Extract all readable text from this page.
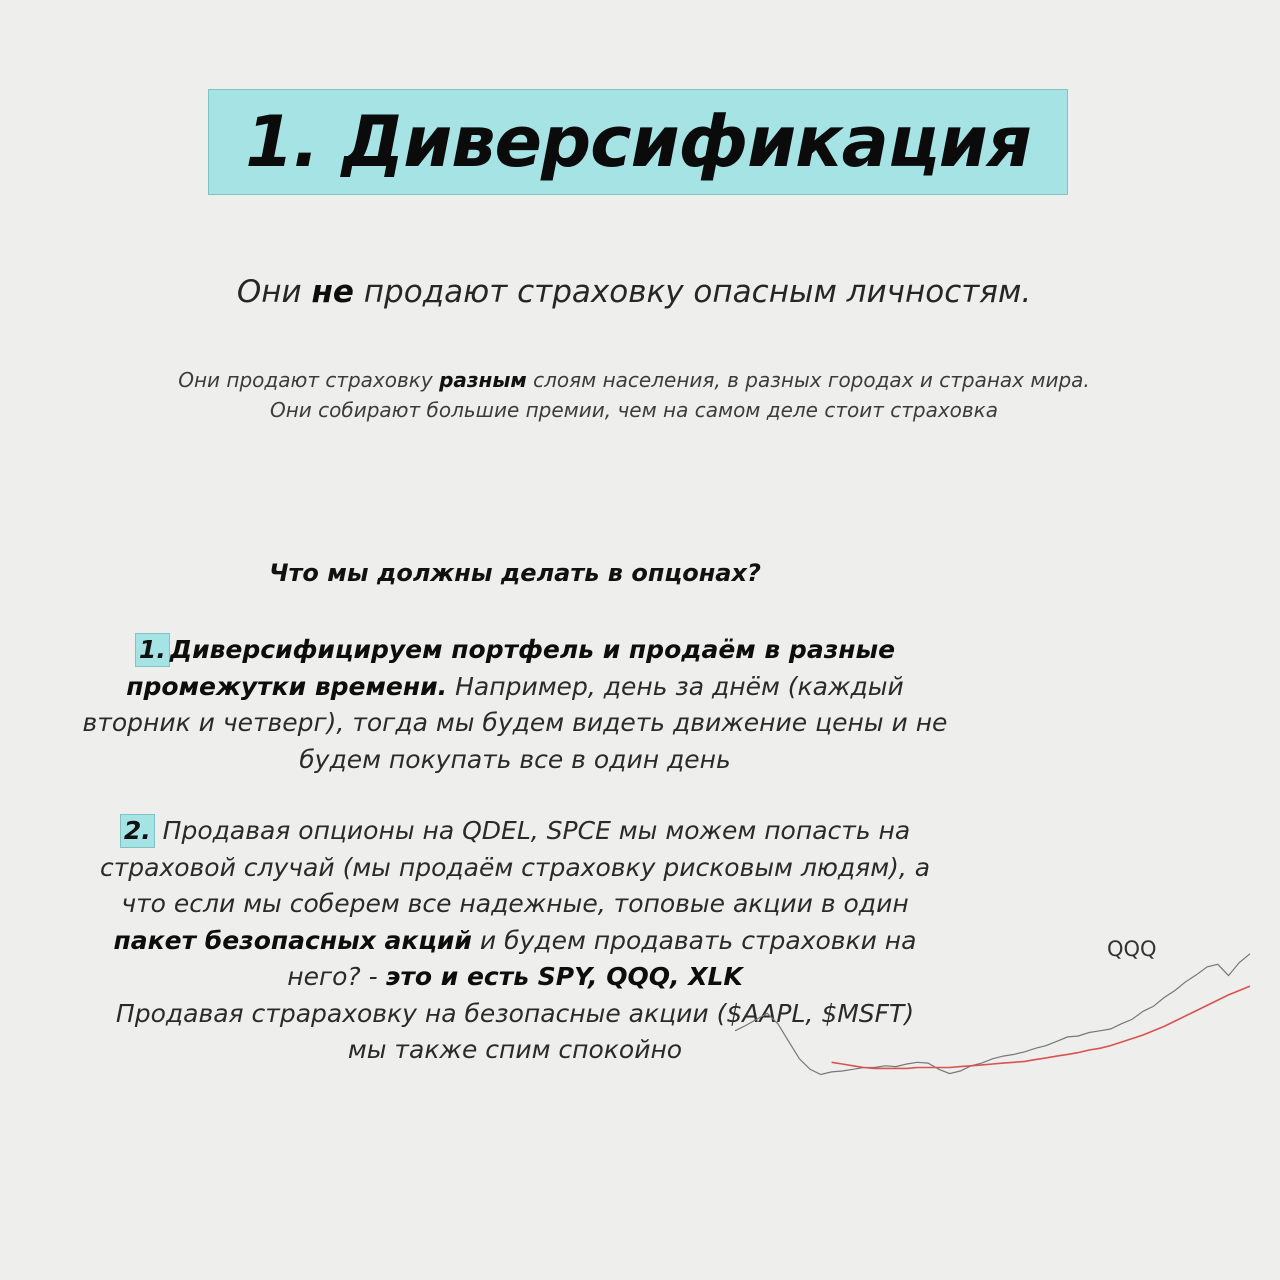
1. Диверсификация
Они не продают страховку опасным личностям.
Они продают страховку разным слоям населения, в разных городах и странах мира.
Они собирают большие премии, чем на самом деле стоит страховка
Что мы должны делать в опцонах?
1. Диверсифицируем портфель и продаём в разные
промежутки времени. Например, день за днём (каждый
вторник и четверг), тогда мы будем видеть движение цены и не
будем покупать все в один день
2. Продавая опционы на QDEL, SPCE мы можем попасть на
страховой случай (мы продаём страховку рисковым людям), а
что если мы соберем все надежные, топовые акции в один
пакет безопасных акций и будем продавать страховки на
него? - это и есть SPY, QQQ, XLK
Продавая страраховку на безопасные акции ($AAPL, $MSFT)
мы также спим спокойно
QQQ
